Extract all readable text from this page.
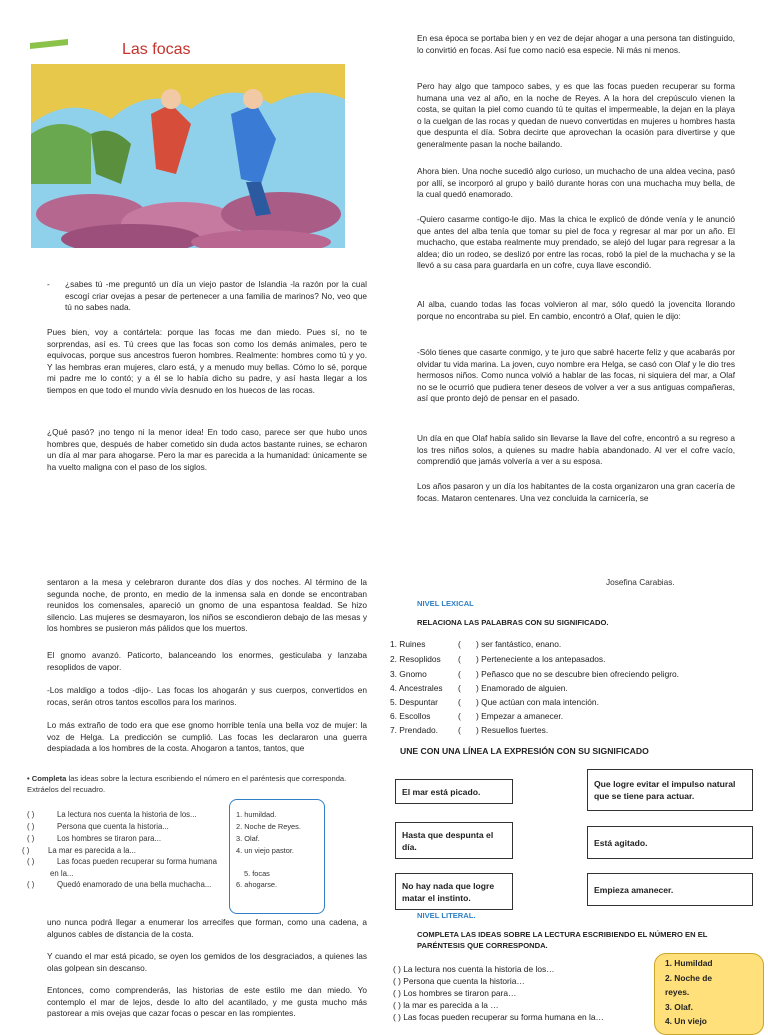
Las focas
- ¿sabes tú -me preguntó un día un viejo pastor de Islandia -la razón por la cual escogí criar ovejas a pesar de pertenecer a una familia de marinos? No, veo que tú no sabes nada.

Pues bien, voy a contártela: porque las focas me dan miedo. Pues sí, no te sorprendas, así es. Tú crees que las focas son como los demás animales, pero te equivocas, porque sus ancestros fueron hombres. Realmente: hombres como tú y yo. Y las hembras eran mujeres, claro está, y a menudo muy bellas. Cómo lo sé, porque mi padre me lo contó; y a él se lo había dicho su padre, y así hasta llegar a los tiempos en que todo el mundo vivía desnudo en los huecos de las rocas.

¿Qué pasó? ¡no tengo ni la menor idea! En todo caso, parece ser que hubo unos hombres que, después de haber cometido sin duda actos bastante ruines, se echaron un día al mar para ahogarse. Pero la mar es parecida a la humanidad: únicamente se ha vuelto maligna con el paso de los siglos.

En esa época se portaba bien y en vez de dejar ahogar a una persona tan distinguido, lo convirtió en focas. Así fue como nació esa especie. Ni más ni menos.

Pero hay algo que tampoco sabes, y es que las focas pueden recuperar su forma humana una vez al año, en la noche de Reyes. A la hora del crepúsculo vienen la costa, se quitan la piel como cuando tú te quitas el impermeable, la dejan en la playa o la cuelgan de las rocas y quedan de nuevo convertidas en mujeres u hombres hasta que despunta el día. Sobra decirte que aprovechan la ocasión para divertirse y que generalmente pasan la noche bailando.

Ahora bien. Una noche sucedió algo curioso, un muchacho de una aldea vecina, pasó por allí, se incorporó al grupo y bailó durante horas con una muchacha muy bella, de la cual quedó enamorado.

-Quiero casarme contigo-le dijo. Mas la chica le explicó de dónde venía y le anunció que antes del alba tenía que tomar su piel de foca y regresar al mar por un año. El muchacho, que estaba realmente muy prendado, se alejó del lugar para regresar a la aldea; dio un rodeo, se deslizó por entre las rocas, robó la piel de la muchacha y se la llevó a su casa para guardarla en un cofre, cuya llave escondió.

Al alba, cuando todas las focas volvieron al mar, sólo quedó la jovencita llorando porque no encontraba su piel. En cambio, encontró a Olaf, quien le dijo:

-Sólo tienes que casarte conmigo, y te juro que sabré hacerte feliz y que acabarás por olvidar tu vida marina. La joven, cuyo nombre era Helga, se casó con Olaf y le dio tres hermosos niños. Como nunca volvió a hablar de las focas, ni siquiera del mar, a Olaf no se le ocurrió que pudiera tener deseos de volver a ver a sus antiguas compañeras, así que pronto dejó de pensar en el pasado.

Un día en que Olaf había salido sin llevarse la llave del cofre, encontró a su regreso a los tres niños solos, a quienes su madre había abandonado. Al ver el cofre vacío, comprendió que jamás volvería a ver a su esposa.

Los años pasaron y un día los habitantes de la costa organizaron una gran cacería de focas. Mataron centenares. Una vez concluida la carnicería, se

sentaron a la mesa y celebraron durante dos días y dos noches. Al término de la segunda noche, de pronto, en medio de la inmensa sala en donde se encontraban reunidos los comensales, apareció un gnomo de una espantosa fealdad. Se hizo silencio. Las mujeres se desmayaron, los niños se escondieron debajo de las mesas y los hombres se pusieron más pálidos que los muertos.

El gnomo avanzó. Paticorto, balanceando los enormes, gesticulaba y lanzaba resoplidos de vapor.

-Los maldigo a todos -dijo-. Las focas los ahogarán y sus cuerpos, convertidos en rocas, serán otros tantos escollos para los marinos.

Lo más extraño de todo era que ese gnomo horrible tenía una bella voz de mujer: la voz de Helga. La predicción se cumplió. Las focas les declararon una guerra despiadada a los hombres de la costa. Ahogaron a tantos, tantos, que

• Completa las ideas sobre la lectura escribiendo el número en el paréntesis que corresponda. Extráelos del recuadro.
( )	La lectura nos cuenta la historia de los...
( )	Persona que cuenta la historia...
( )	Los hombres se tiraron para...
( ) La mar es parecida a la...
( )	Las focas pueden recuperar su forma humana
en la...
( )	Quedó enamorado de una bella muchacha...
1. humildad.
2. Noche de Reyes.
3. Olaf.
4. un viejo pastor.
5. focas
6. ahogarse.

uno nunca podrá llegar a enumerar los arrecifes que forman, como una cadena, a algunos cables de distancia de la costa.

Y cuando el mar está picado, se oyen los gemidos de los desgraciados, a quienes las olas golpean sin descanso.

Entonces, como comprenderás, las historias de este estilo me dan miedo. Yo contemplo el mar de lejos, desde lo alto del acantilado, y me gusta mucho más pastorear a mis ovejas que cazar focas o pescar en las rompientes.

Josefina Carabias.
NIVEL LEXICAL
RELACIONA LAS PALABRAS CON SU SIGNIFICADO.
1. Ruines	( ) ser fantástico, enano.
2. Resoplidos ( ) Perteneciente a los antepasados.
3. Gnomo	( ) Peñasco que no se descubre bien ofreciendo peligro.
4. Ancestrales ( ) Enamorado de alguien.
5. Despuntar ( ) Que actúan con mala intención.
6. Escollos	( ) Empezar a amanecer.
7. Prendado. ( ) Resuellos fuertes.
UNE CON UNA LÍNEA LA EXPRESIÓN CON SU SIGNIFICADO
El mar está picado.
Hasta que despunta el día.
No hay nada que logre matar el instinto.
Que logre evitar el impulso natural que se tiene para actuar.
Está agitado.
Empieza amanecer.
NIVEL LITERAL.
COMPLETA LAS IDEAS SOBRE LA LECTURA ESCRIBIENDO EL NÚMERO EN EL PARÉNTESIS QUE CORRESPONDA.
( ) La lectura nos cuenta la historia de los…
( ) Persona que cuenta la historia…
( ) Los hombres se tiraron para…
( ) la mar es parecida a la …
( ) Las focas pueden recuperar su forma humana en la…
1. Humildad
2. Noche de
reyes.
3. Olaf.
4. Un viejo
